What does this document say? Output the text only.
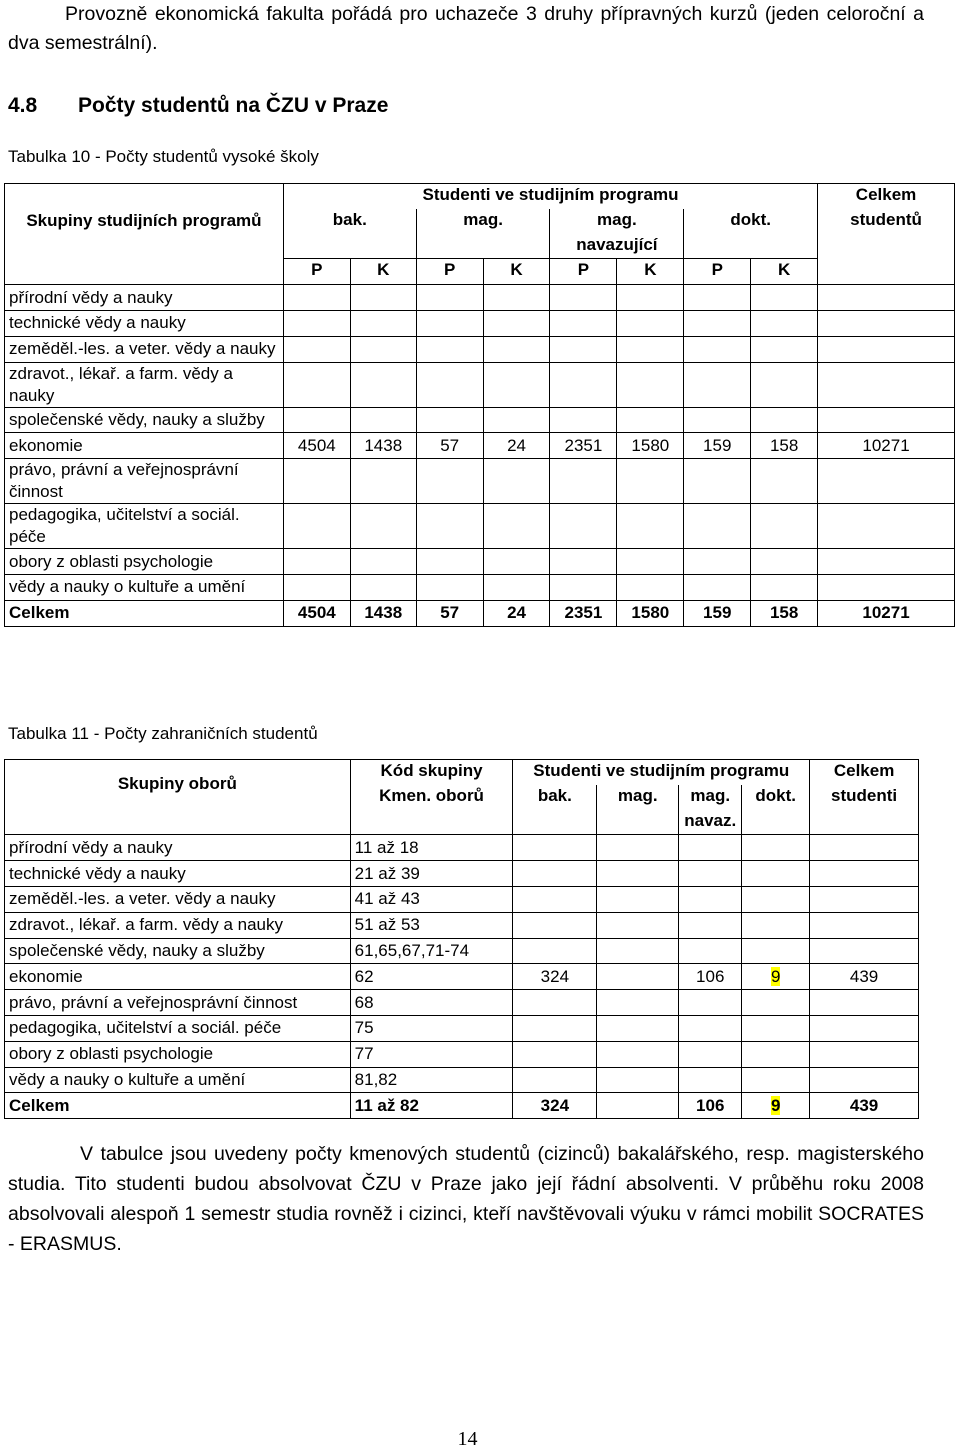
Provozně ekonomická fakulta pořádá pro uchazeče 3 druhy přípravných kurzů (jeden celoroční a dva semestrální).
4.8 Počty studentů na ČZU v Praze
Tabulka 10 - Počty studentů vysoké školy
Skupiny studijních programů	Studenti ve studijním programu								Celkem
	bak.		mag.		mag.		dokt.		studentů
					navazující				
	P	K	P	K	P	K	P	K	
přírodní vědy a nauky									
technické vědy a nauky									
zeměděl.-les. a veter. vědy a nauky									
zdravot., lékař. a farm. vědy a nauky									
společenské vědy, nauky a služby									
ekonomie	4504	1438	57	24	2351	1580	159	158	10271
právo, právní a veřejnosprávní činnost									
pedagogika, učitelství a sociál. péče									
obory z oblasti psychologie									
vědy a nauky o kultuře a umění									
Celkem	4504	1438	57	24	2351	1580	159	158	10271
Tabulka 11 - Počty zahraničních studentů
Skupiny oborů	Kód skupiny	Studenti ve studijním programu				Celkem
	Kmen. oborů	bak.	mag.	mag.	dokt.	studenti
				navaz.		
přírodní vědy a nauky	11 až 18					
technické vědy a nauky	21 až 39					
zeměděl.-les. a veter. vědy a nauky	41 až 43					
zdravot., lékař. a farm. vědy a nauky	51 až 53					
společenské vědy, nauky a služby	61,65,67,71-74					
ekonomie	62	324		106	9	439
právo, právní a veřejnosprávní činnost	68					
pedagogika, učitelství a sociál. péče	75					
obory z oblasti psychologie	77					
vědy a nauky o kultuře a umění	81,82					
Celkem	11 až 82	324		106	9	439
V tabulce jsou uvedeny počty kmenových studentů (cizinců) bakalářského, resp. magisterského studia. Tito studenti budou absolvovat ČZU v Praze jako její řádní absolventi. V průběhu roku 2008 absolvovali alespoň 1 semestr studia rovněž i cizinci, kteří navštěvovali výuku v rámci mobilit SOCRATES - ERASMUS.
14
